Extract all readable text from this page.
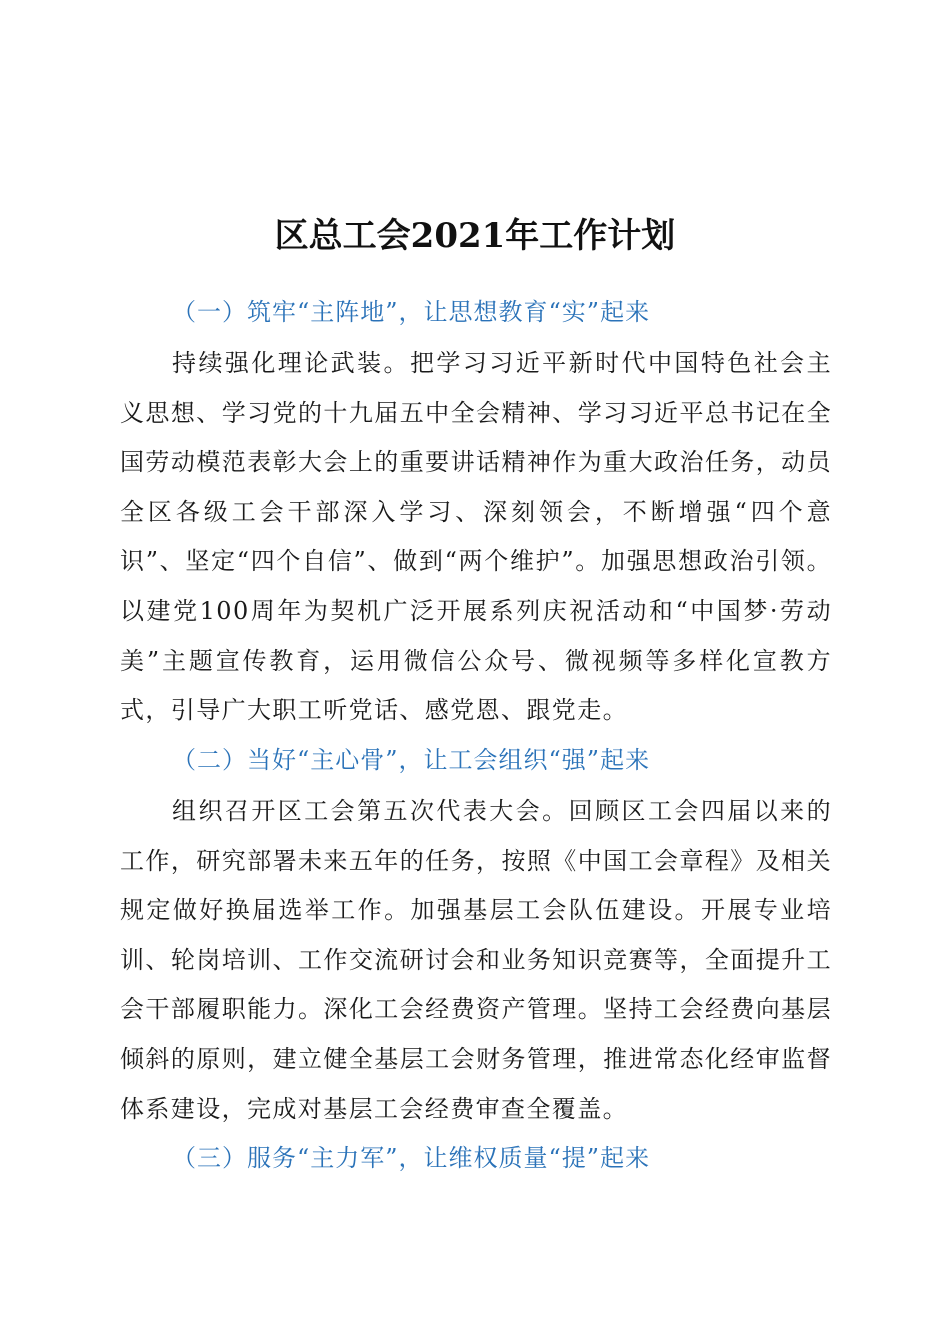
区总工会2021年工作计划
（一）筑牢“主阵地”，让思想教育“实”起来
持续强化理论武装。把学习习近平新时代中国特色社会主义思想、学习党的十九届五中全会精神、学习习近平总书记在全国劳动模范表彰大会上的重要讲话精神作为重大政治任务，动员全区各级工会干部深入学习、深刻领会，不断增强“四个意识”、坚定“四个自信”、做到“两个维护”。加强思想政治引领。以建党100周年为契机广泛开展系列庆祝活动和“中国梦·劳动美”主题宣传教育，运用微信公众号、微视频等多样化宣教方式，引导广大职工听党话、感党恩、跟党走。
（二）当好“主心骨”，让工会组织“强”起来
组织召开区工会第五次代表大会。回顾区工会四届以来的工作，研究部署未来五年的任务，按照《中国工会章程》及相关规定做好换届选举工作。加强基层工会队伍建设。开展专业培训、轮岗培训、工作交流研讨会和业务知识竞赛等，全面提升工会干部履职能力。深化工会经费资产管理。坚持工会经费向基层倾斜的原则，建立健全基层工会财务管理，推进常态化经审监督体系建设，完成对基层工会经费审查全覆盖。
（三）服务“主力军”，让维权质量“提”起来
